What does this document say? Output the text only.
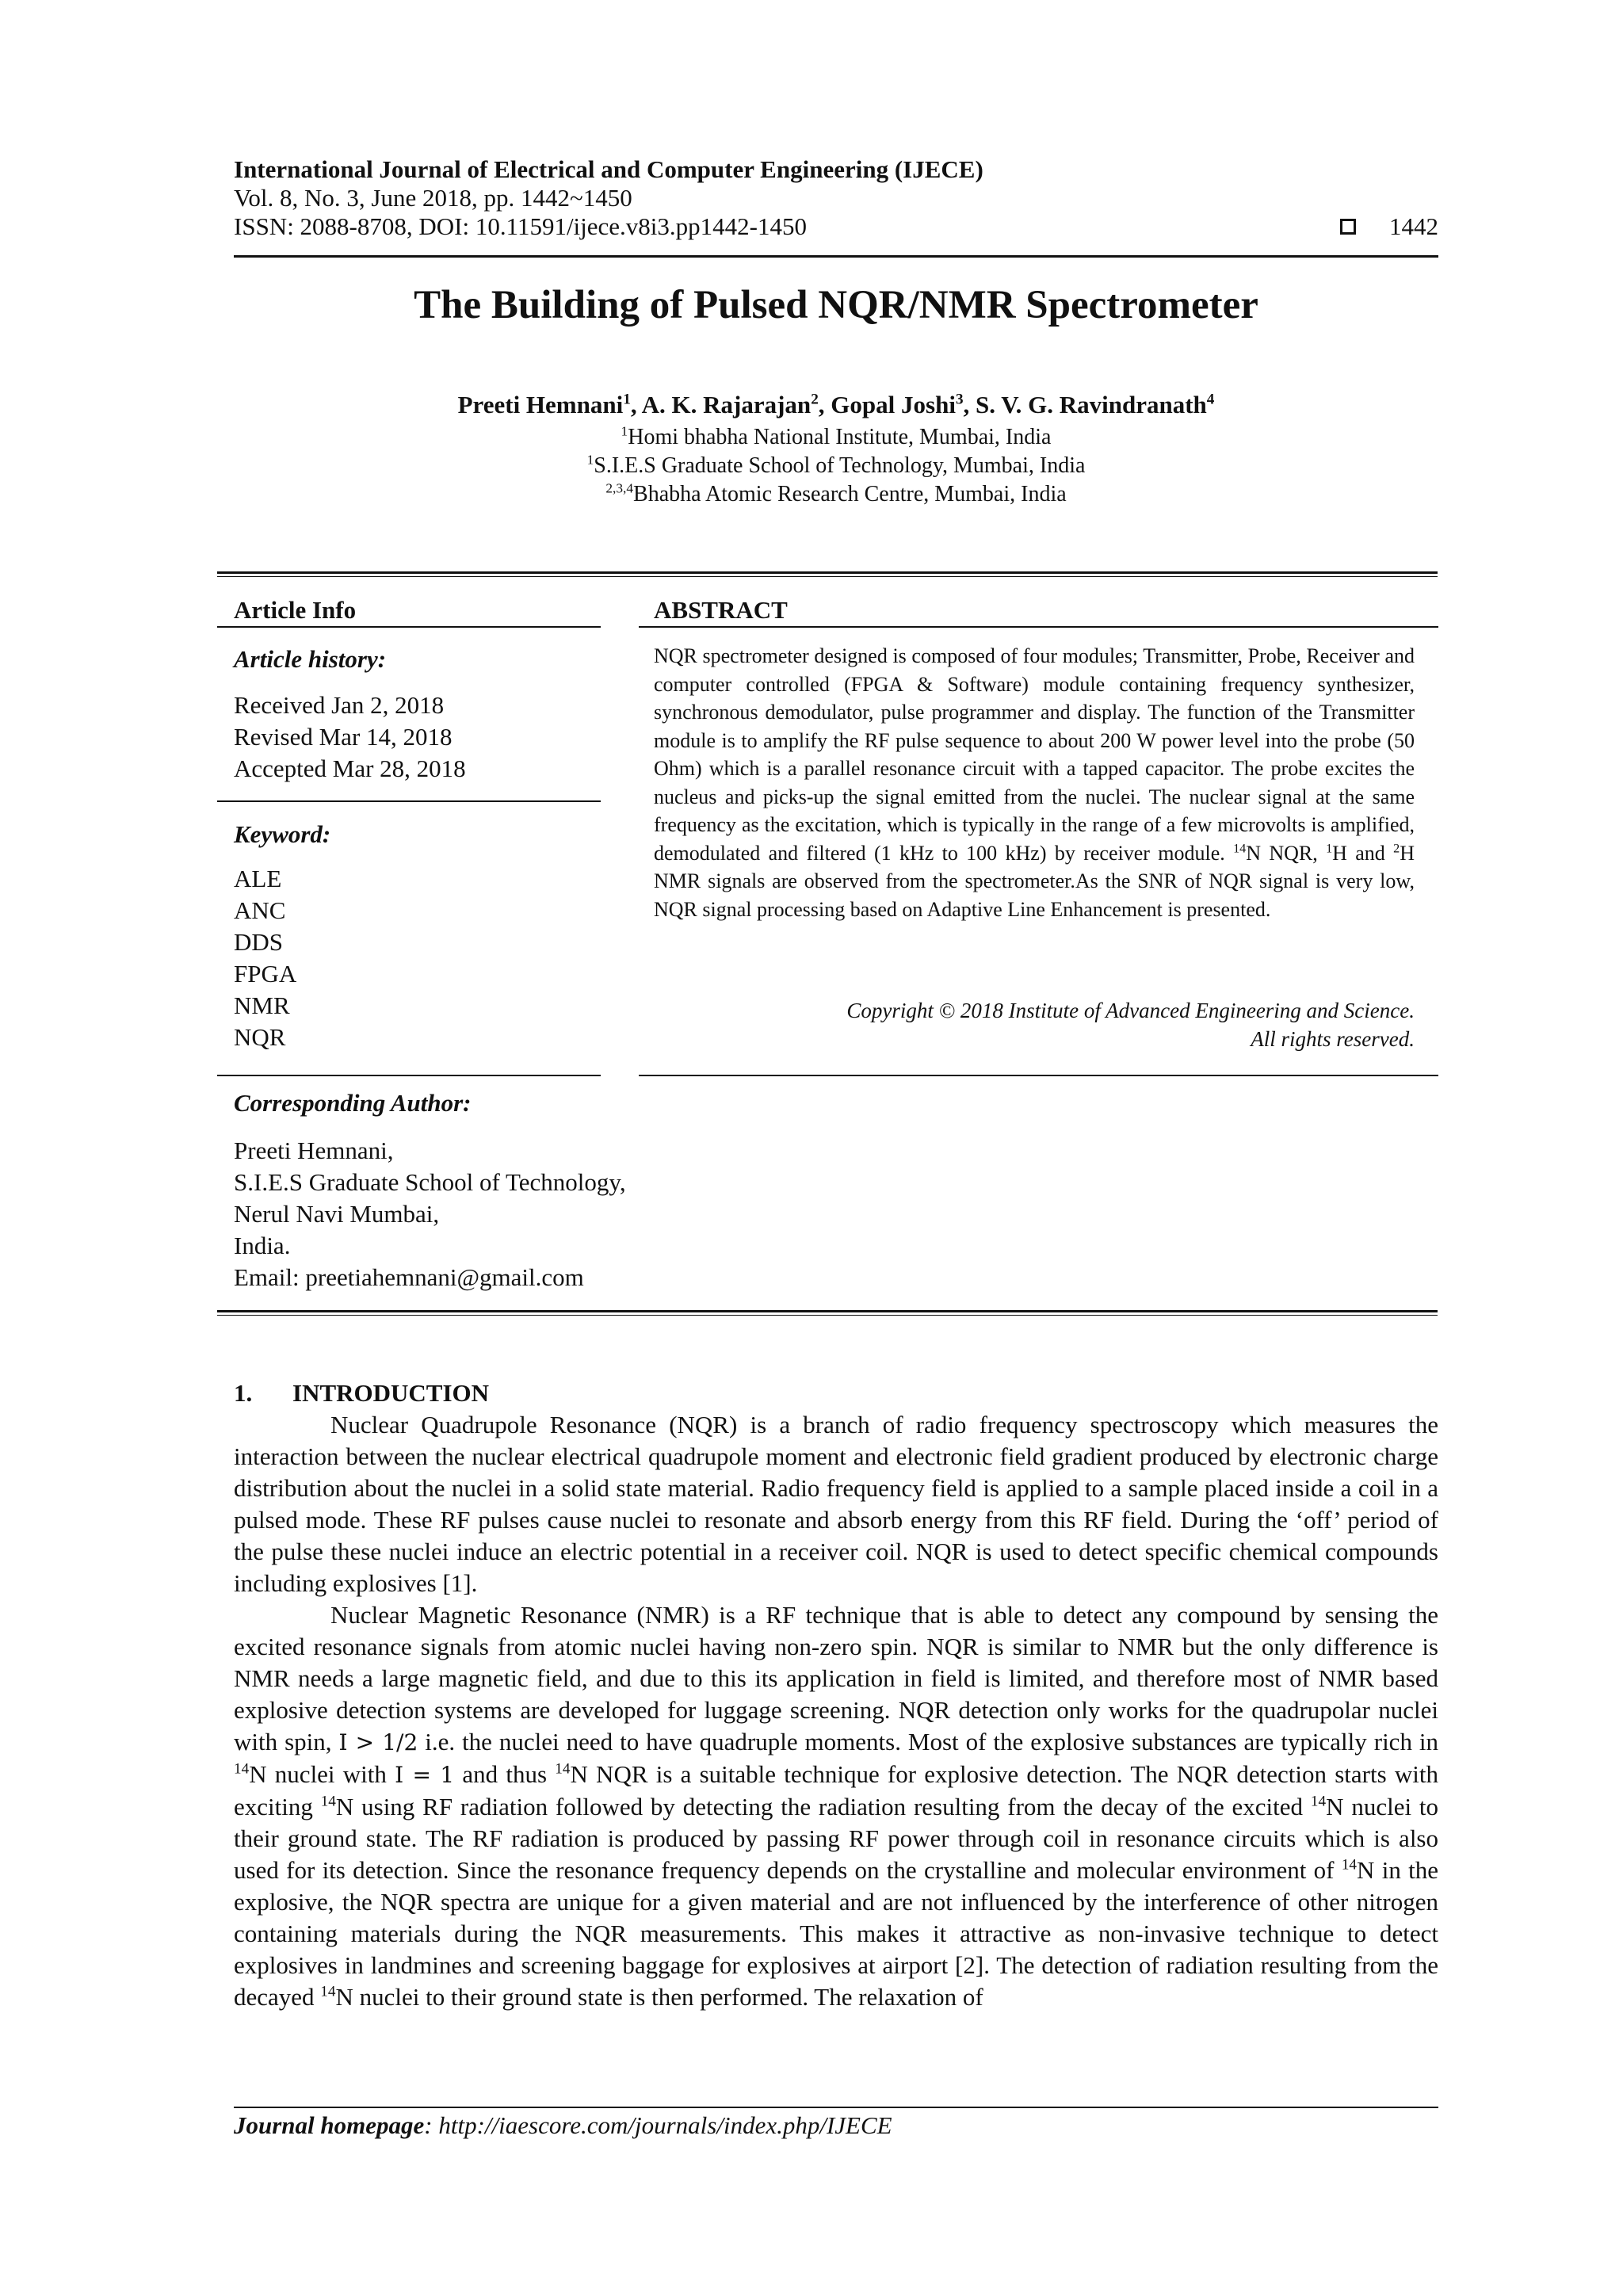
International Journal of Electrical and Computer Engineering (IJECE)
Vol. 8, No. 3, June 2018, pp. 1442~1450
ISSN: 2088-8708, DOI: 10.11591/ijece.v8i3.pp1442-1450	1442
The Building of Pulsed NQR/NMR Spectrometer
Preeti Hemnani$^1$, A. K. Rajarajan$^2$, Gopal Joshi$^3$, S. V. G. Ravindranath$^4$
$^1$Homi bhabha National Institute, Mumbai, India
$^1$S.I.E.S Graduate School of Technology, Mumbai, India
$^{2,3,4}$Bhabha Atomic Research Centre, Mumbai, India
Article Info	ABSTRACT
Article history:
Received Jan 2, 2018
Revised Mar 14, 2018
Accepted Mar 28, 2018
Keyword:
ALE
ANC
DDS
FPGA
NMR
NQR
NQR spectrometer designed is composed of four modules; Transmitter, Probe, Receiver and computer controlled (FPGA & Software) module containing frequency synthesizer, synchronous demodulator, pulse programmer and display. The function of the Transmitter module is to amplify the RF pulse sequence to about 200 W power level into the probe (50 Ohm) which is a parallel resonance circuit with a tapped capacitor. The probe excites the nucleus and picks-up the signal emitted from the nuclei. The nuclear signal at the same frequency as the excitation, which is typically in the range of a few microvolts is amplified, demodulated and filtered (1 kHz to 100 kHz) by receiver module. $^{14}$N NQR, $^1$H and $^2$H NMR signals are observed from the spectrometer.As the SNR of NQR signal is very low, NQR signal processing based on Adaptive Line Enhancement is presented.
Copyright © 2018 Institute of Advanced Engineering and Science.
All rights reserved.
Corresponding Author:
Preeti Hemnani,
S.I.E.S Graduate School of Technology,
Nerul Navi Mumbai,
India.
Email: preetiahemnani@gmail.com
1. INTRODUCTION

Nuclear Quadrupole Resonance (NQR) is a branch of radio frequency spectroscopy which measures the interaction between the nuclear electrical quadrupole moment and electronic field gradient produced by electronic charge distribution about the nuclei in a solid state material. Radio frequency field is applied to a sample placed inside a coil in a pulsed mode. These RF pulses cause nuclei to resonate and absorb energy from this RF field. During the ‘off’ period of the pulse these nuclei induce an electric potential in a receiver coil. NQR is used to detect specific chemical compounds including explosives [1].

Nuclear Magnetic Resonance (NMR) is a RF technique that is able to detect any compound by sensing the excited resonance signals from atomic nuclei having non-zero spin. NQR is similar to NMR but the only difference is NMR needs a large magnetic field, and due to this its application in field is limited, and therefore most of NMR based explosive detection systems are developed for luggage screening. NQR detection only works for the quadrupolar nuclei with spin, I > 1/2 i.e. the nuclei need to have quadruple moments. Most of the explosive substances are typically rich in $^{14}$N nuclei with I = 1 and thus $^{14}$N NQR is a suitable technique for explosive detection. The NQR detection starts with exciting $^{14}$N using RF radiation followed by detecting the radiation resulting from the decay of the excited $^{14}$N nuclei to their ground state. The RF radiation is produced by passing RF power through coil in resonance circuits which is also used for its detection. Since the resonance frequency depends on the crystalline and molecular environment of $^{14}$N in the explosive, the NQR spectra are unique for a given material and are not influenced by the interference of other nitrogen containing materials during the NQR measurements. This makes it attractive as non-invasive technique to detect explosives in landmines and screening baggage for explosives at airport [2]. The detection of radiation resulting from the decayed $^{14}$N nuclei to their ground state is then performed. The relaxation of

Journal homepage: http://iaescore.com/journals/index.php/IJECE
